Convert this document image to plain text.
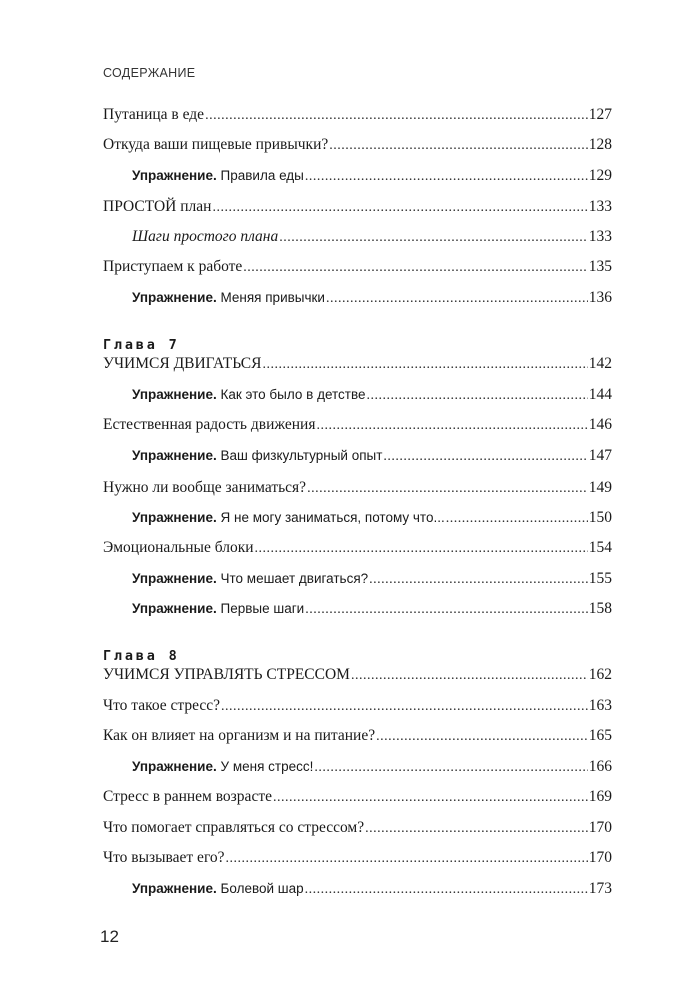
СОДЕРЖАНИЕ
Глава 7
Глава 8
Путаница в еде .....	127
Откуда ваши пищевые привычки? .....	128
Упражнение. Правила еды .....	129
ПРОСТОЙ план .....	133
Шаги простого плана .....	133
Приступаем к работе .....	135
Упражнение. Меняя привычки .....	136
УЧИМСЯ ДВИГАТЬСЯ .....	142
Упражнение. Как это было в детстве .....	144
Естественная радость движения .....	146
Упражнение. Ваш физкультурный опыт .....	147
Нужно ли вообще заниматься? .....	149
Упражнение. Я не могу заниматься, потому что... .....	150
Эмоциональные блоки .....	154
Упражнение. Что мешает двигаться? .....	155
Упражнение. Первые шаги .....	158
УЧИМСЯ УПРАВЛЯТЬ СТРЕССОМ .....	162
Что такое стресс? .....	163
Как он влияет на организм и на питание? .....	165
Упражнение. У меня стресс! .....	166
Стресс в раннем возрасте .....	169
Что помогает справляться со стрессом? .....	170
Что вызывает его? .....	170
Упражнение. Болевой шар .....	173
12
